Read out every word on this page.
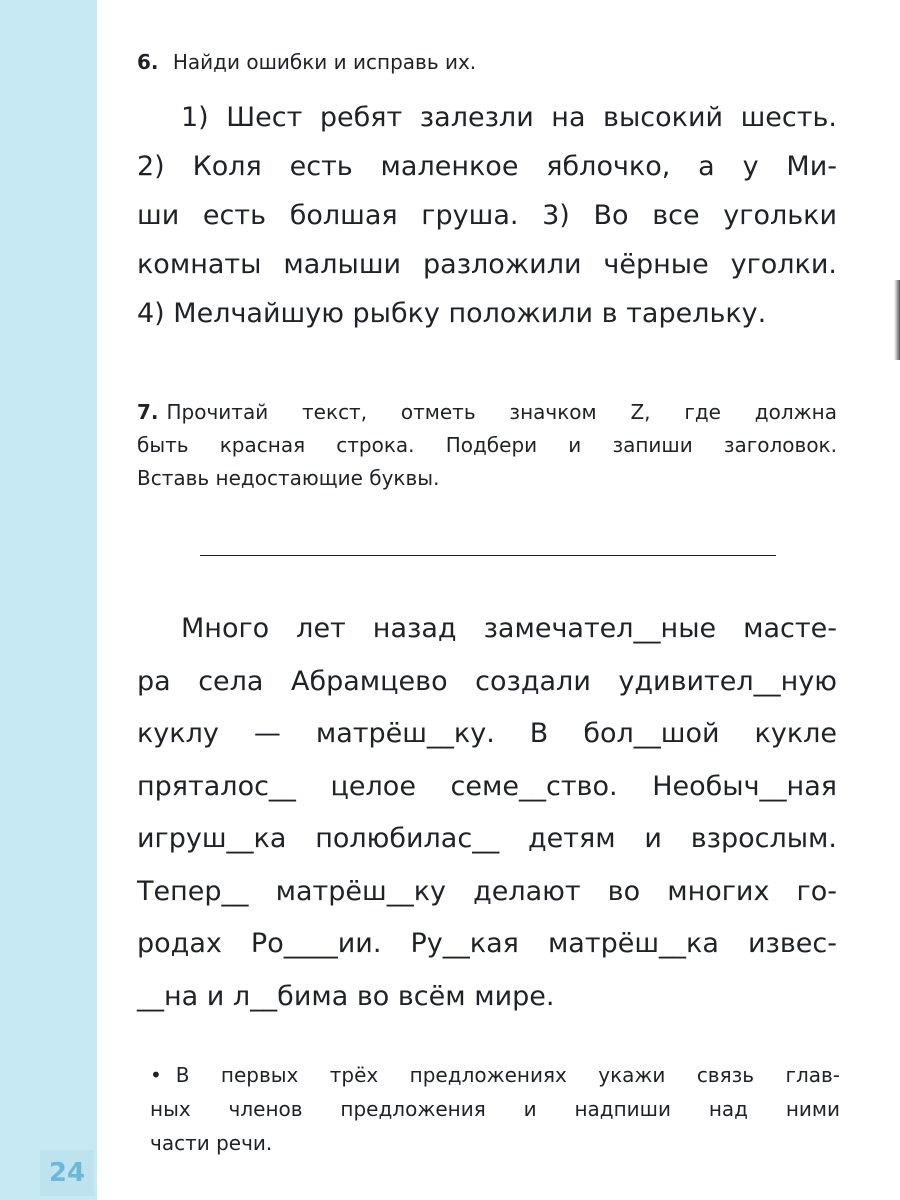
24
6. Найди ошибки и исправь их.
1) Шест ребят залезли на высокий шесть.
2) Коля есть маленкое яблочко, а у Ми-
ши есть болшая груша. 3) Во все угольки
комнаты малыши разложили чёрные уголки.
4) Мелчайшую рыбку положили в тарельку.
7. Прочитай текст, отметь значком Z, где должна
быть красная строка. Подбери и запиши заголовок.
Вставь недостающие буквы.
Много лет назад замечател__ные масте-
ра села Абрамцево создали удивител__ную
куклу — матрёш__ку. В бол__шой кукле
пряталос__ целое семе__ство. Необыч__ная
игруш__ка полюбилас__ детям и взрослым.
Тепер__ матрёш__ку делают во многих го-
родах Ро____ии. Ру__кая матрёш__ка извес-
__на и л__бима во всём мире.
• В первых трёх предложениях укажи связь глав-
ных членов предложения и надпиши над ними
части речи.
